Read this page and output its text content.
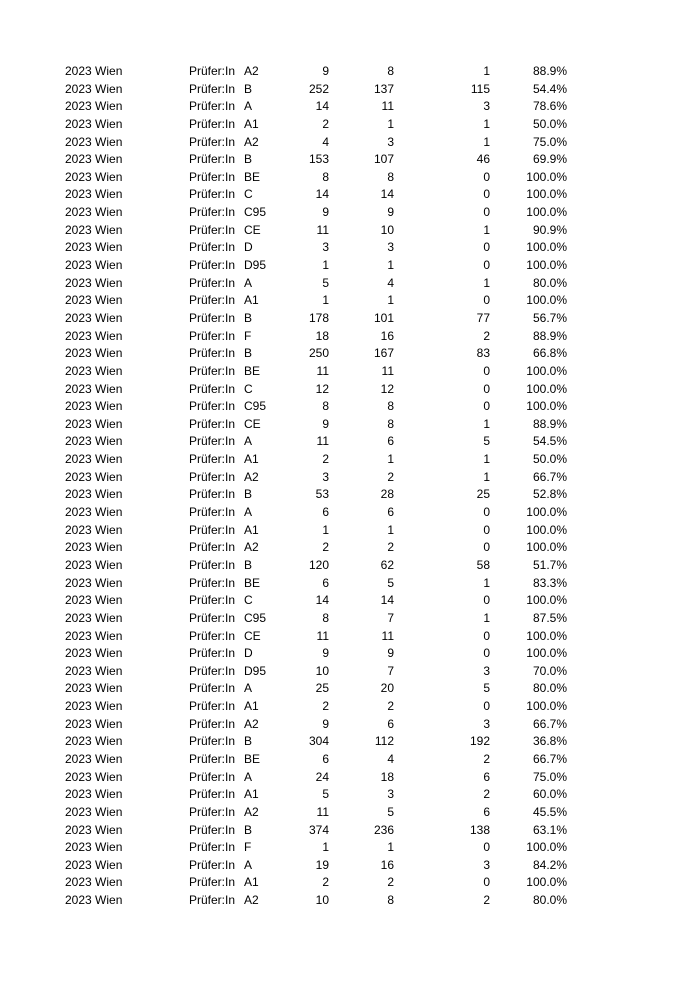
2023 Wien	Prüfer:In A2	9	8	1	88.9%
2023 Wien	Prüfer:In B	252	137	115	54.4%
2023 Wien	Prüfer:In A	14	11	3	78.6%
2023 Wien	Prüfer:In A1	2	1	1	50.0%
2023 Wien	Prüfer:In A2	4	3	1	75.0%
2023 Wien	Prüfer:In B	153	107	46	69.9%
2023 Wien	Prüfer:In BE	8	8	0	100.0%
2023 Wien	Prüfer:In C	14	14	0	100.0%
2023 Wien	Prüfer:In C95	9	9	0	100.0%
2023 Wien	Prüfer:In CE	11	10	1	90.9%
2023 Wien	Prüfer:In D	3	3	0	100.0%
2023 Wien	Prüfer:In D95	1	1	0	100.0%
2023 Wien	Prüfer:In A	5	4	1	80.0%
2023 Wien	Prüfer:In A1	1	1	0	100.0%
2023 Wien	Prüfer:In B	178	101	77	56.7%
2023 Wien	Prüfer:In F	18	16	2	88.9%
2023 Wien	Prüfer:In B	250	167	83	66.8%
2023 Wien	Prüfer:In BE	11	11	0	100.0%
2023 Wien	Prüfer:In C	12	12	0	100.0%
2023 Wien	Prüfer:In C95	8	8	0	100.0%
2023 Wien	Prüfer:In CE	9	8	1	88.9%
2023 Wien	Prüfer:In A	11	6	5	54.5%
2023 Wien	Prüfer:In A1	2	1	1	50.0%
2023 Wien	Prüfer:In A2	3	2	1	66.7%
2023 Wien	Prüfer:In B	53	28	25	52.8%
2023 Wien	Prüfer:In A	6	6	0	100.0%
2023 Wien	Prüfer:In A1	1	1	0	100.0%
2023 Wien	Prüfer:In A2	2	2	0	100.0%
2023 Wien	Prüfer:In B	120	62	58	51.7%
2023 Wien	Prüfer:In BE	6	5	1	83.3%
2023 Wien	Prüfer:In C	14	14	0	100.0%
2023 Wien	Prüfer:In C95	8	7	1	87.5%
2023 Wien	Prüfer:In CE	11	11	0	100.0%
2023 Wien	Prüfer:In D	9	9	0	100.0%
2023 Wien	Prüfer:In D95	10	7	3	70.0%
2023 Wien	Prüfer:In A	25	20	5	80.0%
2023 Wien	Prüfer:In A1	2	2	0	100.0%
2023 Wien	Prüfer:In A2	9	6	3	66.7%
2023 Wien	Prüfer:In B	304	112	192	36.8%
2023 Wien	Prüfer:In BE	6	4	2	66.7%
2023 Wien	Prüfer:In A	24	18	6	75.0%
2023 Wien	Prüfer:In A1	5	3	2	60.0%
2023 Wien	Prüfer:In A2	11	5	6	45.5%
2023 Wien	Prüfer:In B	374	236	138	63.1%
2023 Wien	Prüfer:In F	1	1	0	100.0%
2023 Wien	Prüfer:In A	19	16	3	84.2%
2023 Wien	Prüfer:In A1	2	2	0	100.0%
2023 Wien	Prüfer:In A2	10	8	2	80.0%
